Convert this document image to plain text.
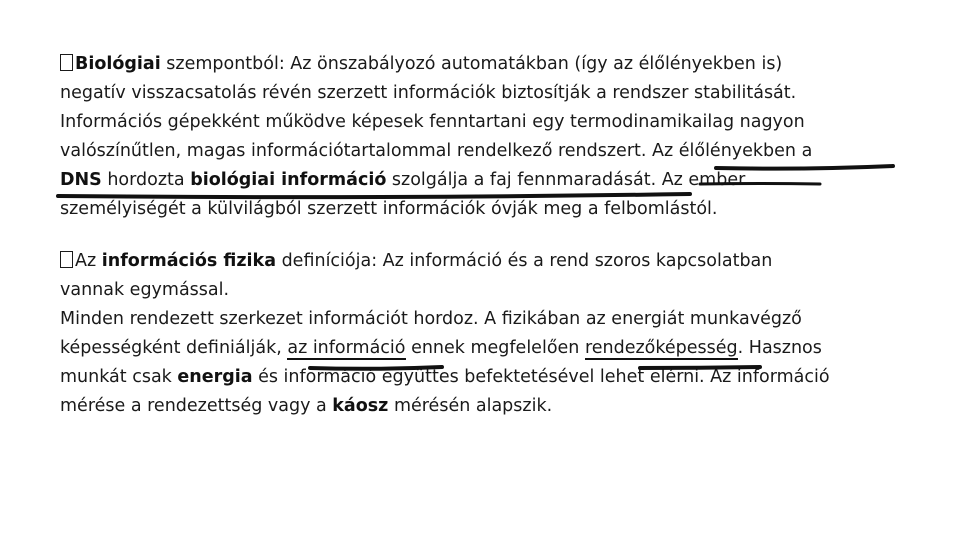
Biológiai szempontból: Az önszabályozó automatákban (így az élőlényekben is)
negatív visszacsatolás révén szerzett információk biztosítják a rendszer stabilitását.
Információs gépekként működve képesek fenntartani egy termodinamikailag nagyon
valószínűtlen, magas információtartalommal rendelkező rendszert. Az élőlényekben a
DNS hordozta biológiai információ szolgálja a faj fennmaradását. Az ember
személyiségét a külvilágból szerzett információk óvják meg a felbomlástól.
Az információs fizika definíciója: Az információ és a rend szoros kapcsolatban
vannak egymással.
Minden rendezett szerkezet információt hordoz. A fizikában az energiát munkavégző
képességként definiálják, az információ ennek megfelelően rendezőképesség. Hasznos
munkát csak energia és információ együttes befektetésével lehet elérni. Az információ
mérése a rendezettség vagy a káosz mérésén alapszik.
